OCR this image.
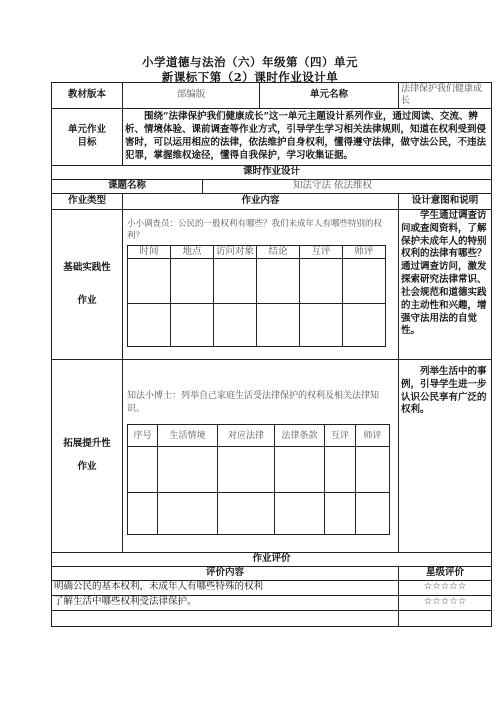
小学道德与法治（六）年级第（四）单元
新课标下第（2）课时作业设计单
教材版本	部编版	单元名称	法律保护我们健康成长

单元作业
目标
	围绕“法律保护我们健康成长”这一单元主题设计系列作业，通过阅读、交流、辨析、情境体验、课前调查等作业方式，引导学生学习相关法律规则，知道在权利受到侵害时，可以运用相应的法律，依法维护自身权利，懂得遵守法律，做守法公民，不违法犯罪，掌握维权途径，懂得自我保护，学习收集证据。
课时作业设计
课题名称	知法守法 依法维权
作业类型	作业内容	设计意图和说明

基础实践性
作业

小小调查员：公民的一般权利有哪些？我们未成年人有哪些特别的权利？
时间	地点	访问对象	结论	互评	师评

	学生通过调查访问或查阅资料，了解保护未成年人的特别权利的法律有哪些？通过调查访问，激发探索研究法律常识、社会规范和道德实践的主动性和兴趣，增强守法用法的自觉性。

拓展提升性
作业

知法小博士：列举自己家庭生活受法律保护的权利及相关法律知识。
序号	生活情境	对应法律	法律条款	互评	师评

	列举生活中的事例，引导学生进一步认识公民享有广泛的权利。
作业评价
评价内容	星级评价
明确公民的基本权利，未成年人有哪些特殊的权利	☆☆☆☆☆
了解生活中哪些权利受法律保护。	☆☆☆☆☆
